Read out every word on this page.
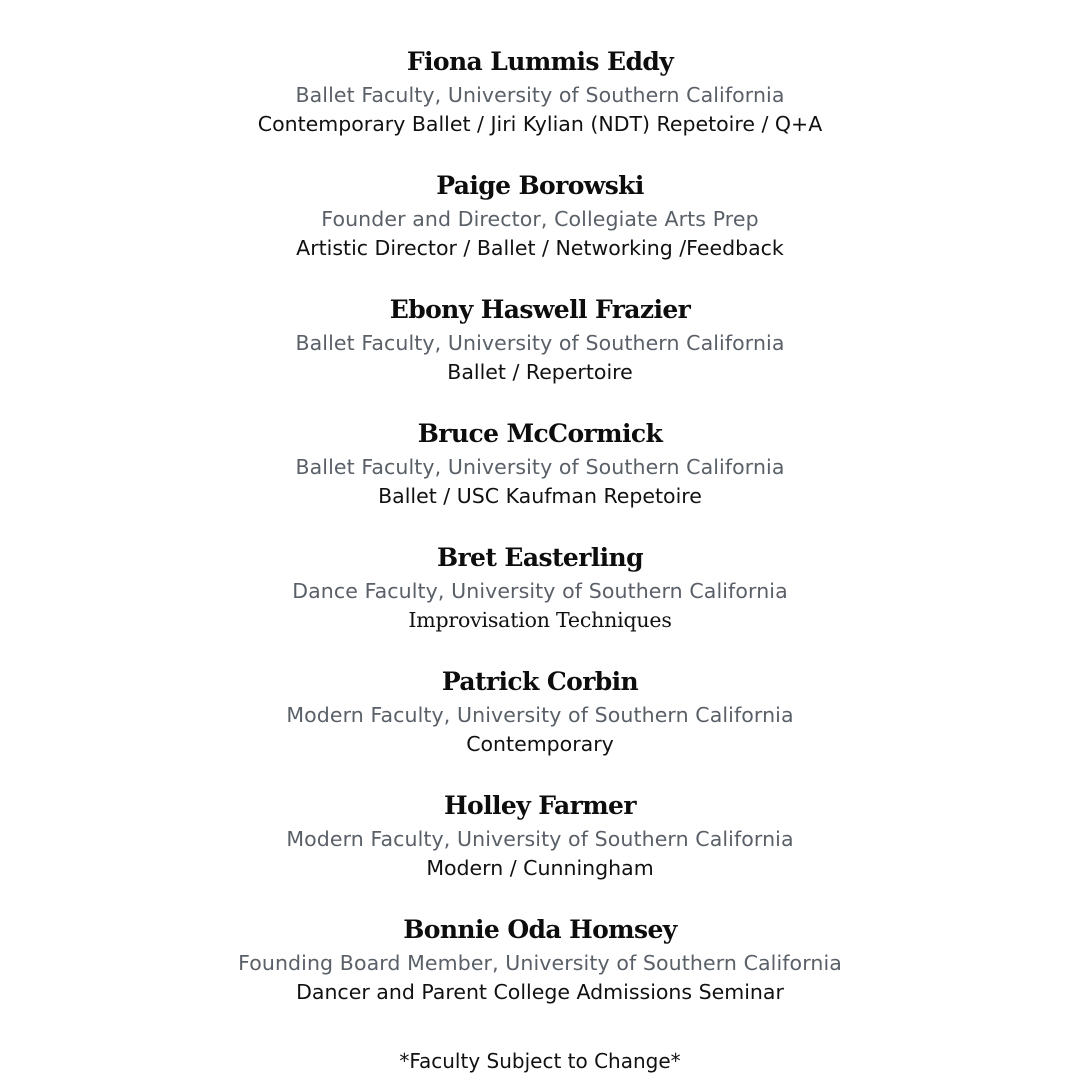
Fiona Lummis Eddy

Ballet Faculty, University of Southern California

Contemporary Ballet / Jiri Kylian (NDT) Repetoire / Q+A

Paige Borowski

Founder and Director, Collegiate Arts Prep

Artistic Director / Ballet / Networking /Feedback

Ebony Haswell Frazier

Ballet Faculty, University of Southern California

Ballet / Repertoire

Bruce McCormick

Ballet Faculty, University of Southern California

Ballet / USC Kaufman Repetoire

Bret Easterling

Dance Faculty, University of Southern California

Improvisation Techniques

Patrick Corbin

Modern Faculty, University of Southern California

Contemporary

Holley Farmer

Modern Faculty, University of Southern California

Modern / Cunningham

Bonnie Oda Homsey

Founding Board Member, University of Southern California

Dancer and Parent College Admissions Seminar

*Faculty Subject to Change*
